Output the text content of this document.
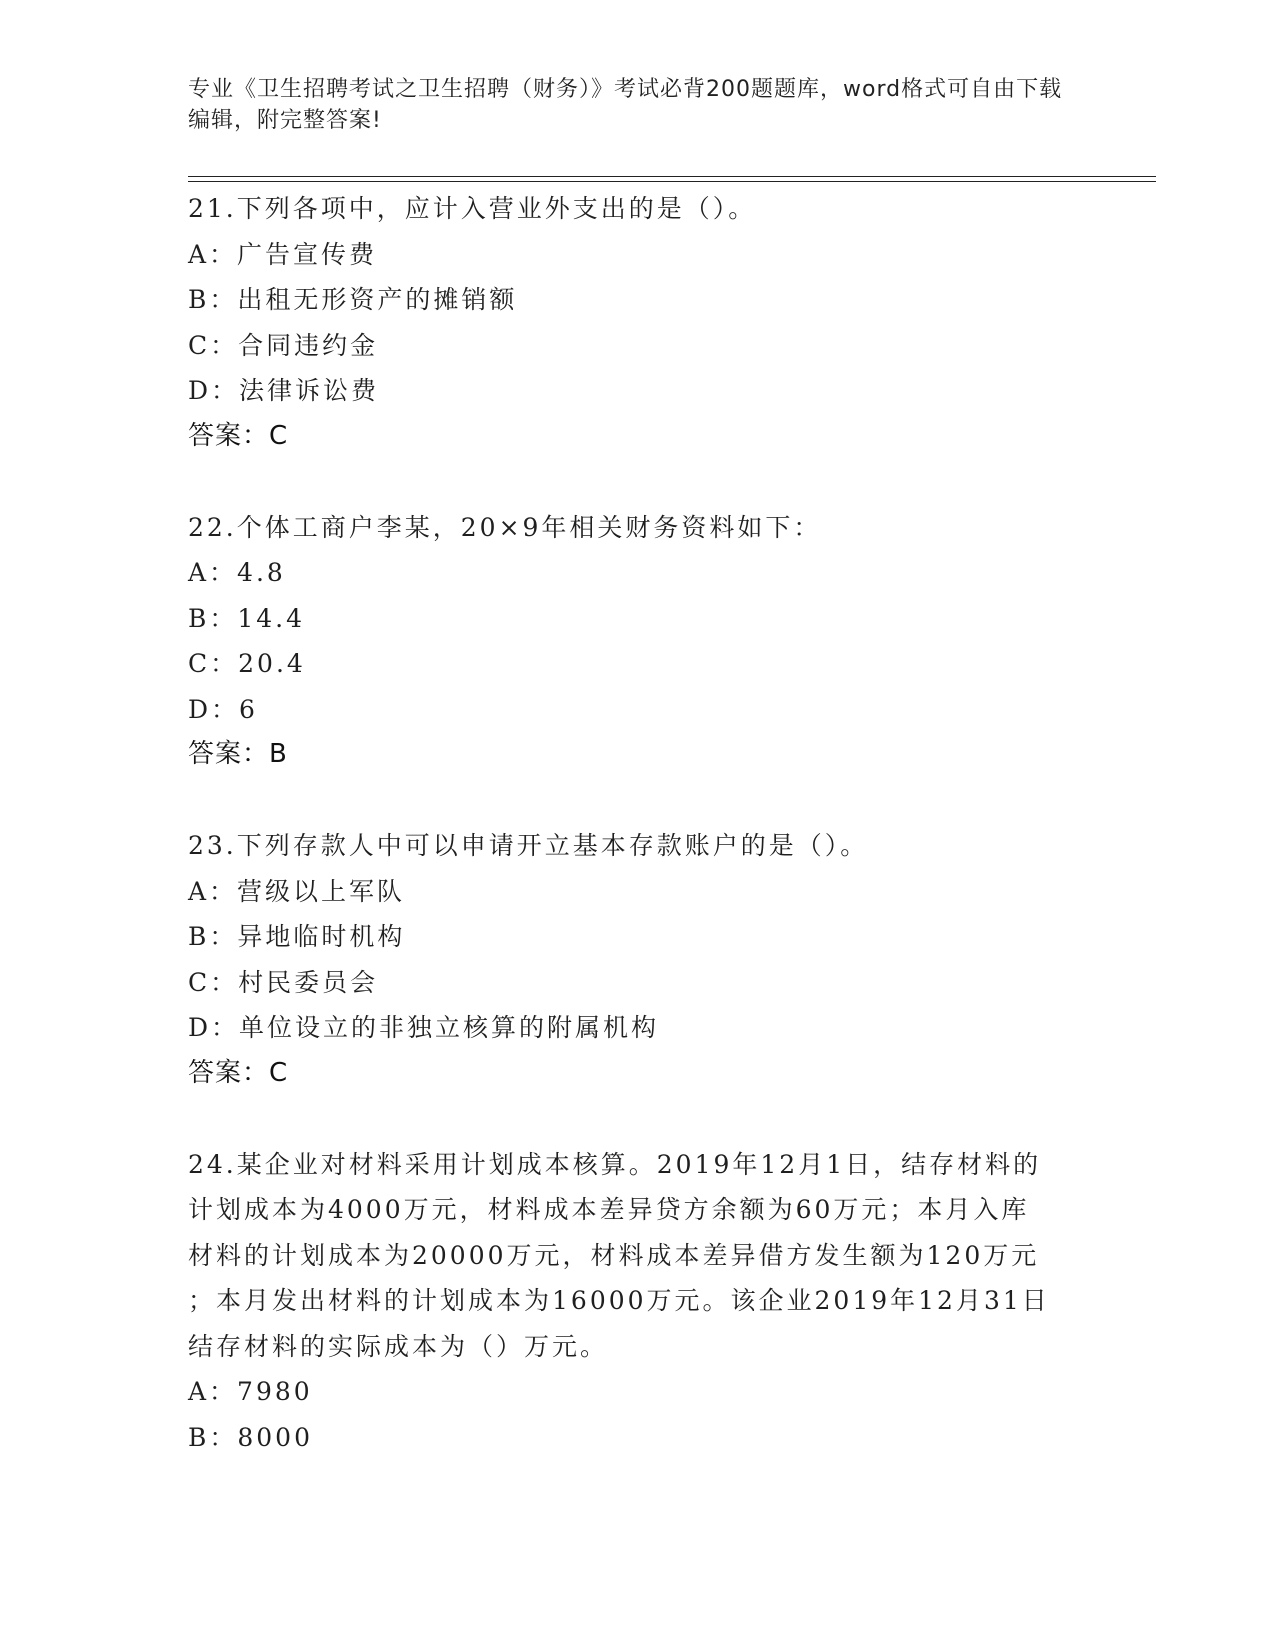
专业《卫生招聘考试之卫生招聘（财务）》考试必背200题题库，word格式可自由下载编辑，附完整答案!

21.下列各项中，应计入营业外支出的是（）。

A：广告宣传费

B：出租无形资产的摊销额

C：合同违约金

D：法律诉讼费

答案：C

22.个体工商户李某，20×9年相关财务资料如下：

A：4.8

B：14.4

C：20.4

D：6

答案：B

23.下列存款人中可以申请开立基本存款账户的是（）。

A：营级以上军队

B：异地临时机构

C：村民委员会

D：单位设立的非独立核算的附属机构

答案：C

24.某企业对材料采用计划成本核算。2019年12月1日，结存材料的
计划成本为4000万元，材料成本差异贷方余额为60万元；本月入库
材料的计划成本为20000万元，材料成本差异借方发生额为120万元
；本月发出材料的计划成本为16000万元。该企业2019年12月31日
结存材料的实际成本为（）万元。

A：7980

B：8000
